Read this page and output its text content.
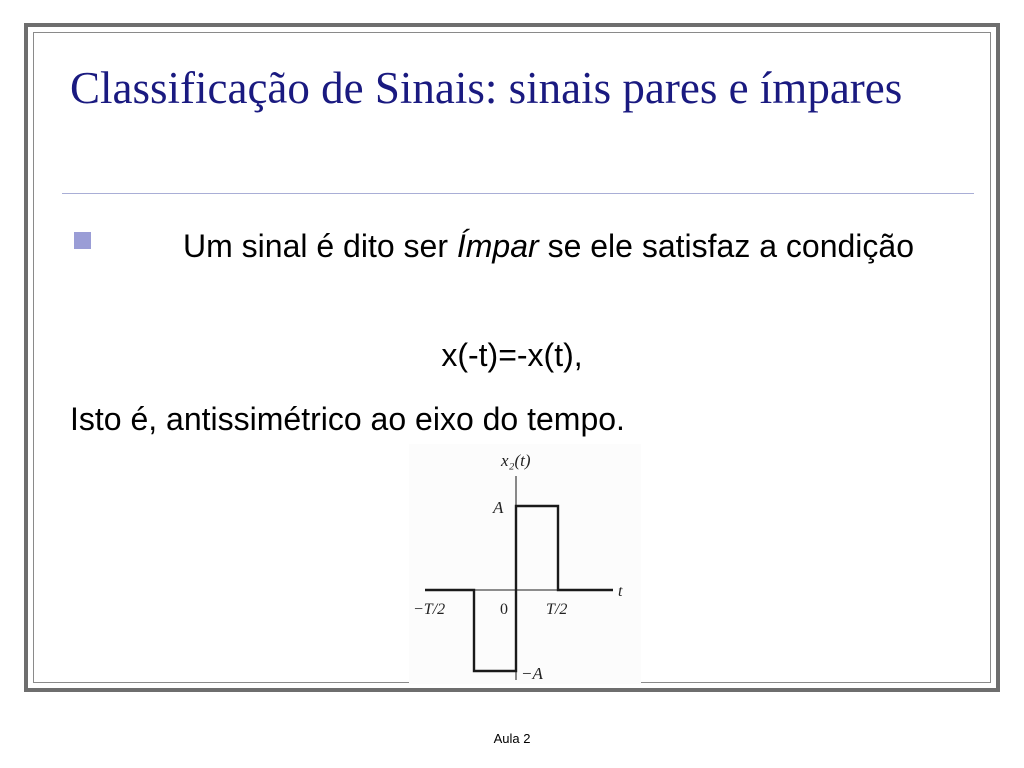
Classificação de Sinais: sinais pares e ímpares
Um sinal é dito ser Ímpar se ele satisfaz a condição
x(-t)=-x(t),
Isto é, antissimétrico ao eixo do tempo.
x₂(t)
t
A
−A
−T/2	0 T/2
Aula 2
